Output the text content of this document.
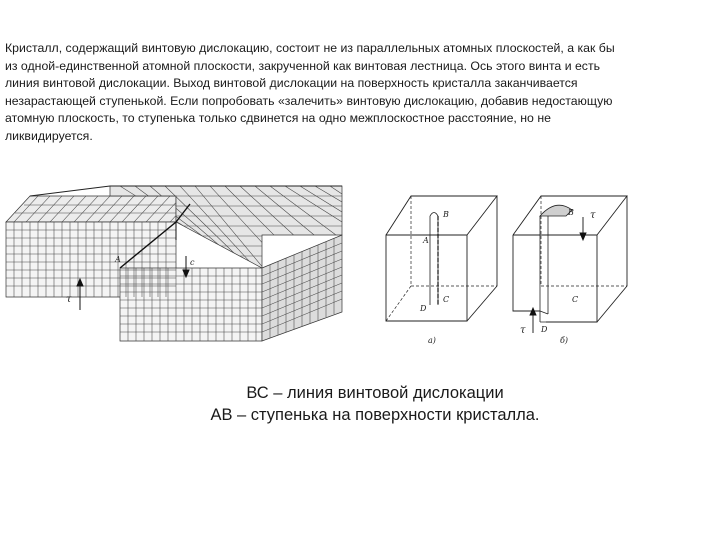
Кристалл, содержащий винтовую дислокацию, состоит не из параллельных атомных плоскостей, а как бы
из одной-единственной атомной плоскости, закрученной как винтовая лестница. Ось этого винта и есть
линия винтовой дислокации. Выход винтовой дислокации на поверхность кристалла заканчивается
незарастающей ступенькой. Если попробовать «залечить» винтовую дислокацию, добавив недостающую
атомную плоскость, то ступенька только сдвинется на одно межплоскостное расстояние, но не
ликвидируется.
A
τ
c
B
A
D
C
а)
B τ
τ D
C
б)
ВС – линия винтовой дислокации
АВ – ступенька на поверхности кристалла.
